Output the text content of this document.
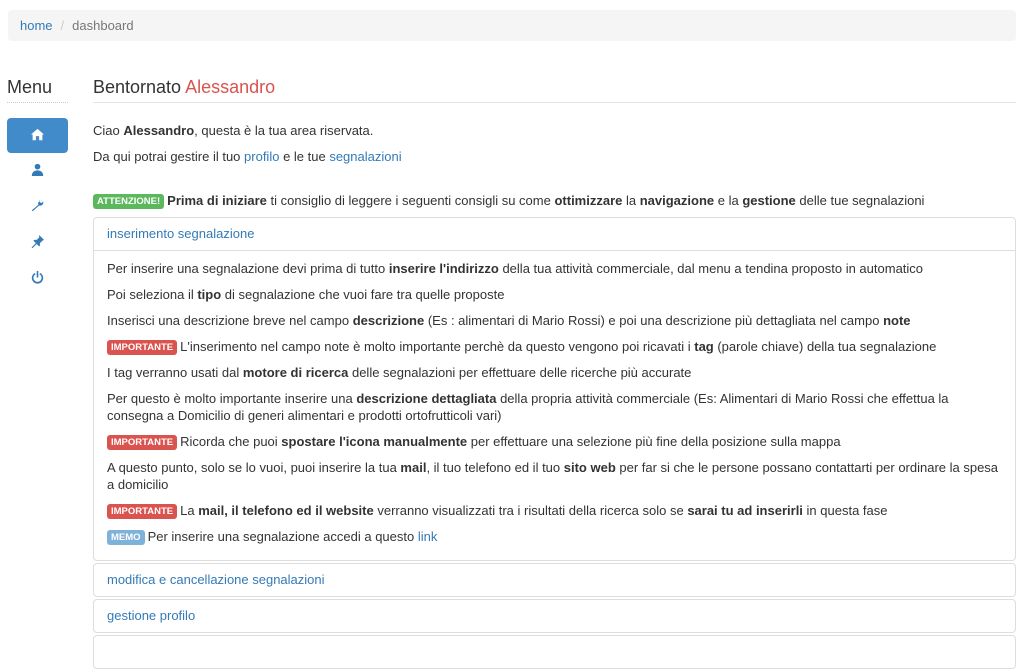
home / dashboard
Menu	Bentornato Alessandro
Ciao Alessandro, questa è la tua area riservata.
Da qui potrai gestire il tuo profilo e le tue segnalazioni
ATTENZIONE! Prima di iniziare ti consiglio di leggere i seguenti consigli su come ottimizzare la navigazione e la gestione delle tue segnalazioni
inserimento segnalazione
Per inserire una segnalazione devi prima di tutto inserire l'indirizzo della tua attività commerciale, dal menu a tendina proposto in automatico
Poi seleziona il tipo di segnalazione che vuoi fare tra quelle proposte
Inserisci una descrizione breve nel campo descrizione (Es : alimentari di Mario Rossi) e poi una descrizione più dettagliata nel campo note
IMPORTANTE L'inserimento nel campo note è molto importante perchè da questo vengono poi ricavati i tag (parole chiave) della tua segnalazione
I tag verranno usati dal motore di ricerca delle segnalazioni per effettuare delle ricerche più accurate
Per questo è molto importante inserire una descrizione dettagliata della propria attività commerciale (Es: Alimentari di Mario Rossi che effettua la consegna a Domicilio di generi alimentari e prodotti ortofrutticoli vari)
IMPORTANTE Ricorda che puoi spostare l'icona manualmente per effettuare una selezione più fine della posizione sulla mappa
A questo punto, solo se lo vuoi, puoi inserire la tua mail, il tuo telefono ed il tuo sito web per far si che le persone possano contattarti per ordinare la spesa a domicilio
IMPORTANTE La mail, il telefono ed il website verranno visualizzati tra i risultati della ricerca solo se sarai tu ad inserirli in questa fase
MEMO Per inserire una segnalazione accedi a questo link
modifica e cancellazione segnalazioni
gestione profilo
